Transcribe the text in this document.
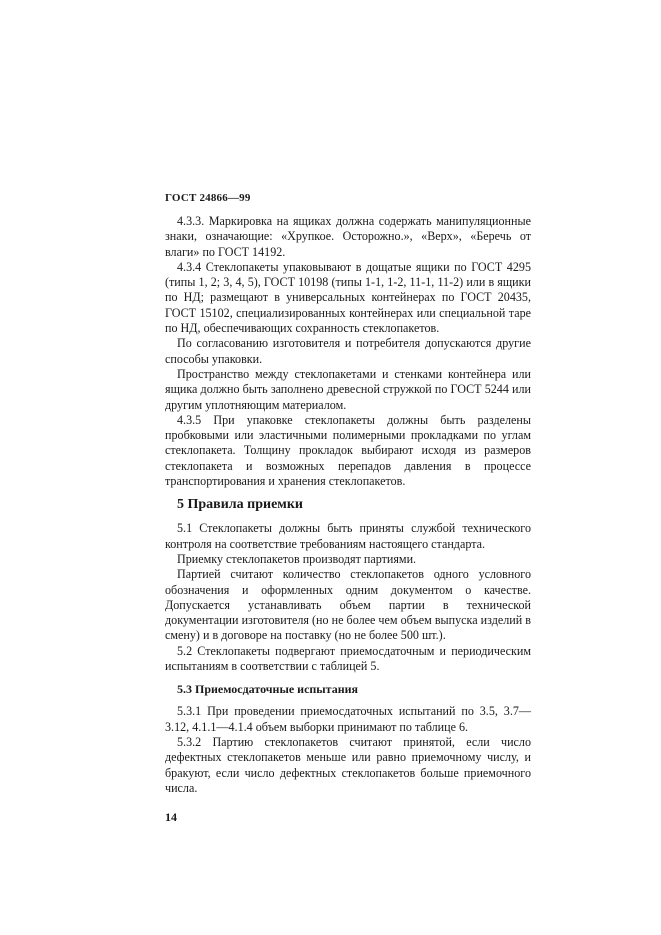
ГОСТ 24866—99

4.3.3. Маркировка на ящиках должна содержать манипуляционные знаки, означающие: «Хрупкое. Осторожно.», «Верх», «Беречь от влаги» по ГОСТ 14192.

4.3.4 Стеклопакеты упаковывают в дощатые ящики по ГОСТ 4295 (типы 1, 2; 3, 4, 5), ГОСТ 10198 (типы 1-1, 1-2, 11-1, 11-2) или в ящики по НД; размещают в универсальных контейнерах по ГОСТ 20435, ГОСТ 15102, специализированных контейнерах или специальной таре по НД, обеспечивающих сохранность стеклопакетов.

По согласованию изготовителя и потребителя допускаются другие способы упаковки.

Пространство между стеклопакетами и стенками контейнера или ящика должно быть заполнено древесной стружкой по ГОСТ 5244 или другим уплотняющим материалом.

4.3.5 При упаковке стеклопакеты должны быть разделены пробковыми или эластичными полимерными прокладками по углам стеклопакета. Толщину прокладок выбирают исходя из размеров стеклопакета и возможных перепадов давления в процессе транспортирования и хранения стеклопакетов.

5 Правила приемки

5.1 Стеклопакеты должны быть приняты службой технического контроля на соответствие требованиям настоящего стандарта.

Приемку стеклопакетов производят партиями.

Партией считают количество стеклопакетов одного условного обозначения и оформленных одним документом о качестве. Допускается устанавливать объем партии в технической документации изготовителя (но не более чем объем выпуска изделий в смену) и в договоре на поставку (но не более 500 шт.).

5.2 Стеклопакеты подвергают приемосдаточным и периодическим испытаниям в соответствии с таблицей 5.

5.3 Приемосдаточные испытания

5.3.1 При проведении приемосдаточных испытаний по 3.5, 3.7—3.12, 4.1.1—4.1.4 объем выборки принимают по таблице 6.

5.3.2 Партию стеклопакетов считают принятой, если число дефектных стеклопакетов меньше или равно приемочному числу, и бракуют, если число дефектных стеклопакетов больше приемочного числа.

14
